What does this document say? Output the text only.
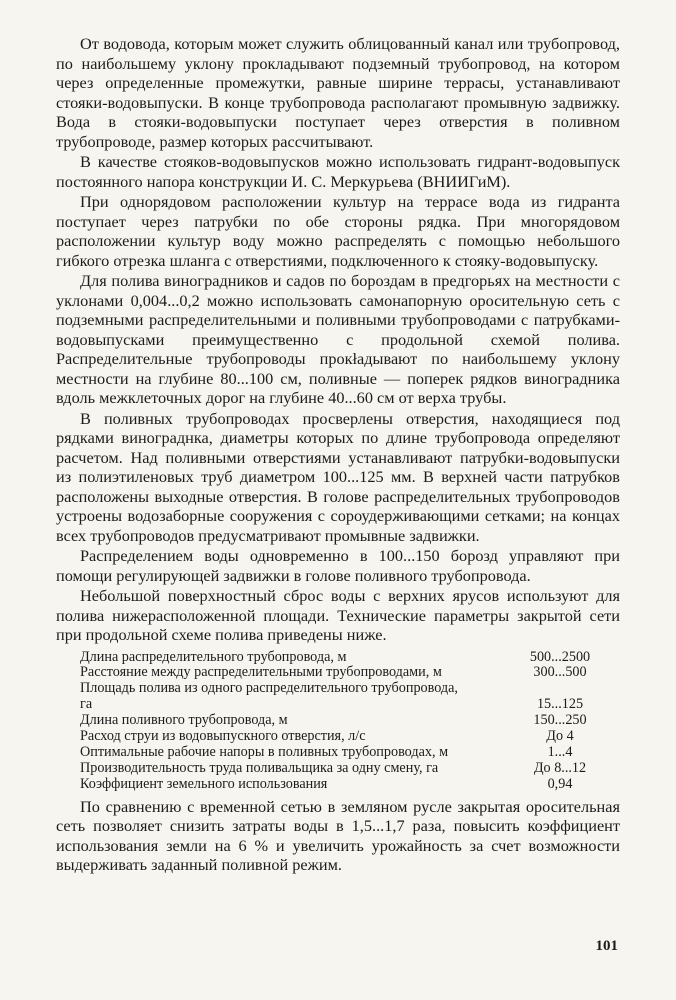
От водовода, которым может служить облицованный канал или трубопровод, по наибольшему уклону прокладывают подземный трубопровод, на котором через определенные промежутки, равные ширине террасы, устанавливают стояки-водовыпуски. В конце трубопровода располагают промывную задвижку. Вода в стояки-водовыпуски поступает через отверстия в поливном трубопроводе, размер которых рассчитывают.

В качестве стояков-водовыпусков можно использовать гидрант-водовыпуск постоянного напора конструкции И. С. Меркурьева (ВНИИГиМ).

При однорядовом расположении культур на террасе вода из гидранта поступает через патрубки по обе стороны рядка. При многорядовом расположении культур воду можно распределять с помощью небольшого гибкого отрезка шланга с отверстиями, подключенного к стояку-водовыпуску.

Для полива виноградников и садов по бороздам в предгорьях на местности с уклонами 0,004...0,2 можно использовать самонапорную оросительную сеть с подземными распределительными и поливными трубопроводами с патрубками-водовыпусками преимущественно с продольной схемой полива. Распределительные трубопроводы прокłадывают по наибольшему уклону местности на глубине 80...100 см, поливные — поперек рядков виноградника вдоль межклеточных дорог на глубине 40...60 см от верха трубы.

В поливных трубопроводах просверлены отверстия, находящиеся под рядками винограднка, диаметры которых по длине трубопровода определяют расчетом. Над поливными отверстиями устанавливают патрубки-водовыпуски из полиэтиленовых труб диаметром 100...125 мм. В верхней части патрубков расположены выходные отверстия. В голове распределительных трубопроводов устроены водозаборные сооружения с сороудерживающими сетками; на концах всех трубопроводов предусматривают промывные задвижки.

Распределением воды одновременно в 100...150 борозд управляют при помощи регулирующей задвижки в голове поливного трубопровода.

Небольшой поверхностный сброс воды с верхних ярусов используют для полива нижерасположенной площади. Технические параметры закрытой сети при продольной схеме полива приведены ниже.

Длина распределительного трубопровода, м	500...2500
Расстояние между распределительными трубопроводами, м	300...500
Площадь полива из одного распределительного трубопровода, га	15...125
Длина поливного трубопровода, м	150...250
Расход струи из водовыпускного отверстия, л/с	До 4
Оптимальные рабочие напоры в поливных трубопроводах, м	1...4
Производительность труда поливальщика за одну смену, га	До 8...12
Коэффициент земельного использования	0,94

По сравнению с временной сетью в земляном русле закрытая оросительная сеть позволяет снизить затраты воды в 1,5...1,7 раза, повысить коэффициент использования земли на 6 % и увеличить урожайность за счет возможности выдерживать заданный поливной режим.

101
